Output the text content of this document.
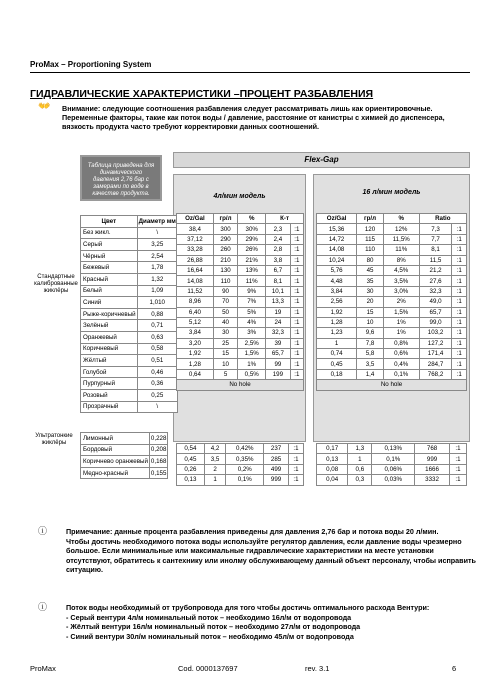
ProMax – Proportioning System
ГИДРАВЛИЧЕСКИЕ ХАРАКТЕРИСТИКИ –ПРОЦЕНТ РАЗБАВЛЕНИЯ
👐 Внимание: следующие соотношения разбавления следует рассматривать лишь как ориентировочные. Переменные факторы, такие как поток воды / давление, расстояние от канистры с химией до диспенсера, вязкость продукта часто требуют корректировки данных соотношений.
Таблица приведена для динамического давления 2,76 бар с замерами по воде в качестве продукта.
Flex-Gap
4л/мин модель
16 л/мин модель
Стандартные калиброванные жиклёры
Ультратонкие жиклёры
Цвет	Диаметр мм
Без жикл.	\
Серый	3,25
Чёрный	2,54
Бежевый	1,78
Красный	1,32
Белый	1,09
Синий	1,010
Рыже-коричневый	0,88
Зелёный	0,71
Оранжевый	0,63
Коричневый	0,58
Жёлтый	0,51
Голубой	0,46
Пурпурный	0,36
Розовый	0,25
Прозрачный	\
Лимонный	0,228
Бордовый	0,208
Коричнево оранжевый	0,168
Медно-красный	0,155
Oz/Gal	гр/л	%	К-т	
38,4	300	30%	2,3	:1
37,12	290	29%	2,4	:1
33,28	260	26%	2,8	:1
26,88	210	21%	3,8	:1
16,64	130	13%	6,7	:1
14,08	110	11%	8,1	:1
11,52	90	9%	10,1	:1
8,96	70	7%	13,3	:1
6,40	50	5%	19	:1
5,12	40	4%	24	:1
3,84	30	3%	32,3	:1
3,20	25	2,5%	39	:1
1,92	15	1,5%	65,7	:1
1,28	10	1%	99	:1
0,64	5	0,5%	199	:1
No hole				
Oz/Gal	гр/л	%	Ratio	
15,36	120	12%	7,3	:1
14,72	115	11,5%	7,7	:1
14,08	110	11%	8,1	:1
10,24	80	8%	11,5	:1
5,76	45	4,5%	21,2	:1
4,48	35	3,5%	27,6	:1
3,84	30	3,0%	32,3	:1
2,56	20	2%	49,0	:1
1,92	15	1,5%	65,7	:1
1,28	10	1%	99,0	:1
1,23	9,6	1%	103,2	:1
1	7,8	0,8%	127,2	:1
0,74	5,8	0,6%	171,4	:1
0,45	3,5	0,4%	284,7	:1
0,18	1,4	0,1%	768,2	:1
No hole				
0,54	4,2	0,42%	237	:1
0,45	3,5	0,35%	285	:1
0,26	2	0,2%	499	:1
0,13	1	0,1%	999	:1
0,17	1,3	0,13%	768	:1
0,13	1	0,1%	999	:1
0,08	0,6	0,06%	1666	:1
0,04	0,3	0,03%	3332	:1
ⓘ	Примечание: данные процента разбавления приведены для давления 2,76 бар и потока воды 20 л/мин.
Чтобы достичь необходимого потока воды используйте регулятор давления, если давление воды чрезмерно большое. Если минимальные или максимальные гидравлические характеристики на месте установки отсутствуют, обратитесь к сантехнику или инолму обслуживающему данный объект персоналу, чтобы исправить ситуацию.
ⓘ	Поток воды необходимый от трубопровода для того чтобы достичь оптимального расхода Вентури:
- Серый вентури 4л/м номинальный поток – необходимо 16л/м от водопровода
- Жёлтый вентури 16л/м номинальный поток – необходимо 27л/м от водопровода
- Синий вентури 30л/м номинальный поток – необходимо 45л/м от водопровода
ProMax	Cod. 0000137697	rev. 3.1	6
